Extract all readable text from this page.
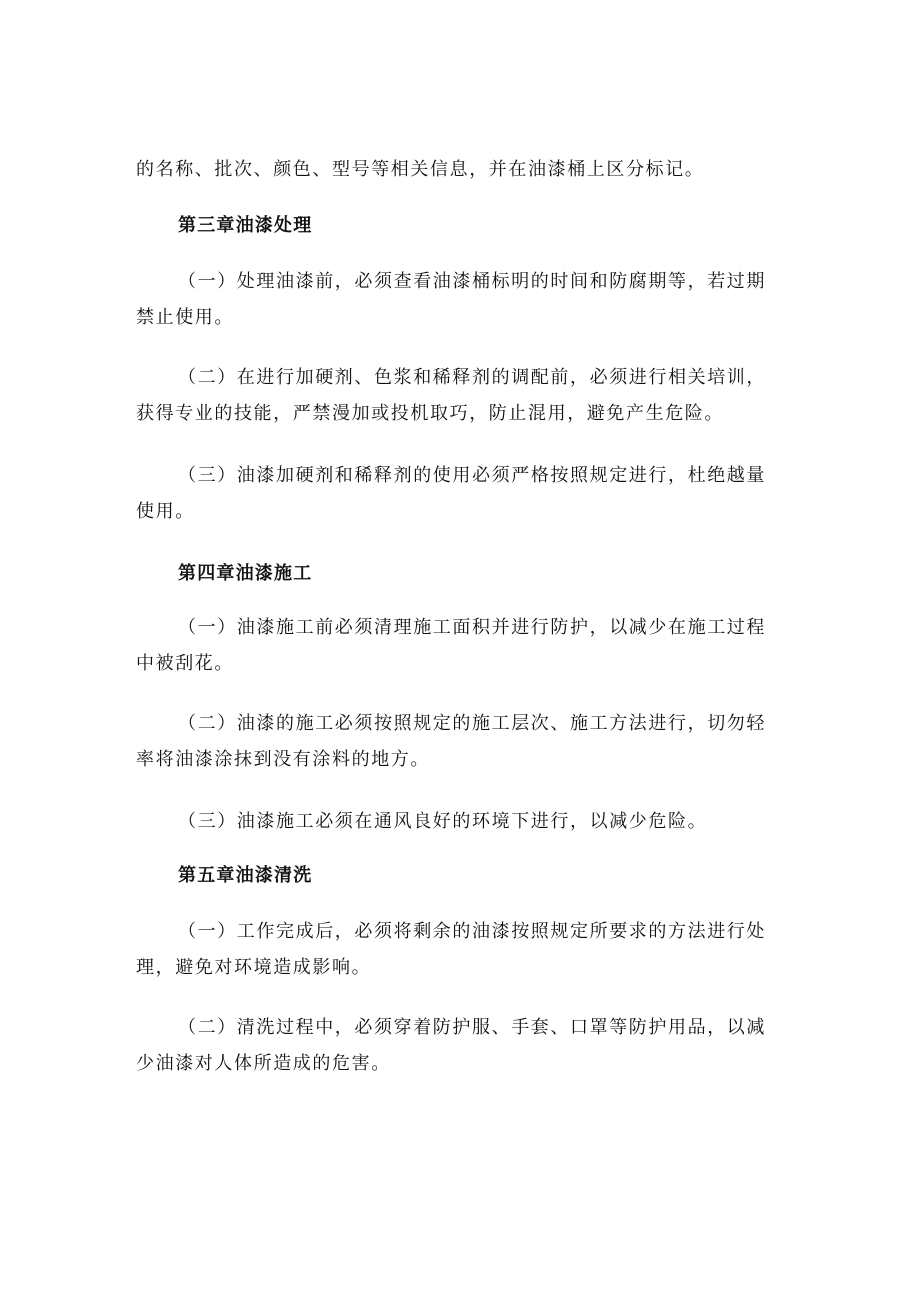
的名称、批次、颜色、型号等相关信息，并在油漆桶上区分标记。
第三章油漆处理
（一）处理油漆前，必须查看油漆桶标明的时间和防腐期等，若过期
禁止使用。
（二）在进行加硬剂、色浆和稀释剂的调配前，必须进行相关培训，
获得专业的技能，严禁漫加或投机取巧，防止混用，避免产生危险。
（三）油漆加硬剂和稀释剂的使用必须严格按照规定进行，杜绝越量
使用。
第四章油漆施工
（一）油漆施工前必须清理施工面积并进行防护，以减少在施工过程
中被刮花。
（二）油漆的施工必须按照规定的施工层次、施工方法进行，切勿轻
率将油漆涂抹到没有涂料的地方。
（三）油漆施工必须在通风良好的环境下进行，以减少危险。
第五章油漆清洗
（一）工作完成后，必须将剩余的油漆按照规定所要求的方法进行处
理，避免对环境造成影响。
（二）清洗过程中，必须穿着防护服、手套、口罩等防护用品，以减
少油漆对人体所造成的危害。
